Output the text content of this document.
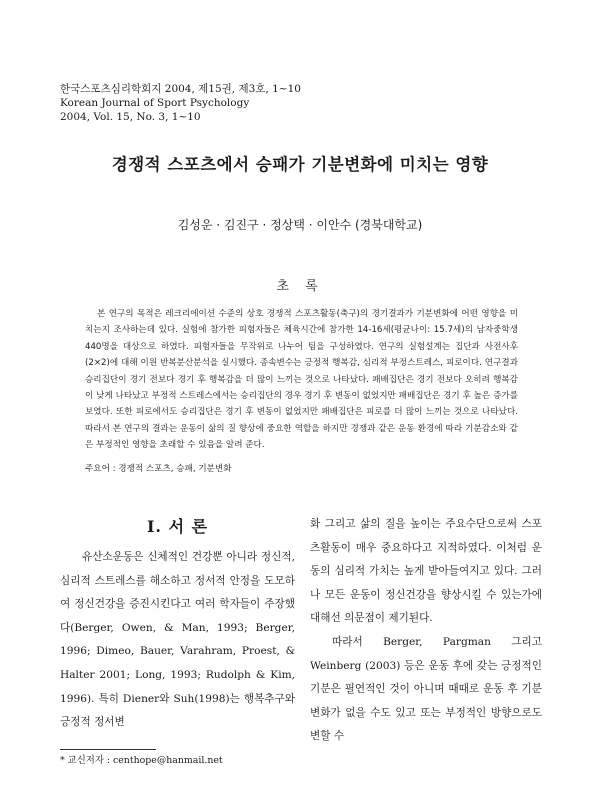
한국스포츠심리학회지 2004, 제15권, 제3호, 1~10
Korean Journal of Sport Psychology
2004, Vol. 15, No. 3, 1~10
경쟁적 스포츠에서 승패가 기분변화에 미치는 영향
김성운 · 김진구 · 정상택 · 이안수 (경북대학교)
초 록

본 연구의 목적은 레크리에이션 수준의 상호 경쟁적 스포츠활동(축구)의 경기결과가 기분변화에 어떤 영향을 미치는지 조사하는데 있다. 실험에 참가한 피험자들은 체육시간에 참가한 14-16세(평균나이: 15.7세)의 남자중학생 440명을 대상으로 하였다. 피험자들을 무작위로 나누어 팀을 구성하였다. 연구의 실험설계는 집단과 사전사후(2×2)에 대해 이원 반복분산분석을 실시했다. 종속변수는 긍정적 행복감, 심리적 부정스트레스, 피로이다. 연구결과 승리집단이 경기 전보다 경기 후 행복감을 더 많이 느끼는 것으로 나타났다. 패배집단은 경기 전보다 오히려 행복감이 낮게 나타났고 부정적 스트레스에서는 승리집단의 경우 경기 후 변동이 없었지만 패배집단은 경기 후 높은 증가를 보였다. 또한 피로에서도 승리집단은 경기 후 변동이 없었지만 패배집단은 피로를 더 많이 느끼는 것으로 나타났다. 따라서 본 연구의 결과는 운동이 삶의 질 향상에 중요한 역할을 하지만 경쟁과 같은 운동 환경에 따라 기분감소와 같은 부정적인 영향을 초래할 수 있음을 알려 준다.

주요어 : 경쟁적 스포츠, 승패, 기분변화
Ⅰ. 서 론

유산소운동은 신체적인 건강뿐 아니라 정신적, 심리적 스트레스를 해소하고 정서적 안정을 도모하여 정신건강을 증진시킨다고 여러 학자들이 주장했다(Berger, Owen, & Man, 1993; Berger, 1996; Dimeo, Bauer, Varahram, Proest, & Halter 2001; Long, 1993; Rudolph & Kim, 1996). 특히 Diener와 Suh(1998)는 행복추구와 긍정적 정서변

화 그리고 삶의 질을 높이는 주요수단으로써 스포츠활동이 매우 중요하다고 지적하였다. 이처럼 운동의 심리적 가치는 높게 받아들여지고 있다. 그러나 모든 운동이 정신건강을 향상시킬 수 있는가에 대해선 의문점이 제기된다.

따라서 Berger, Pargman 그리고 Weinberg (2003) 등은 운동 후에 갖는 긍정적인 기분은 필연적인 것이 아니며 때때로 운동 후 기분변화가 없을 수도 있고 또는 부정적인 방향으로도 변할 수

* 교신저자 : centhope@hanmail.net
